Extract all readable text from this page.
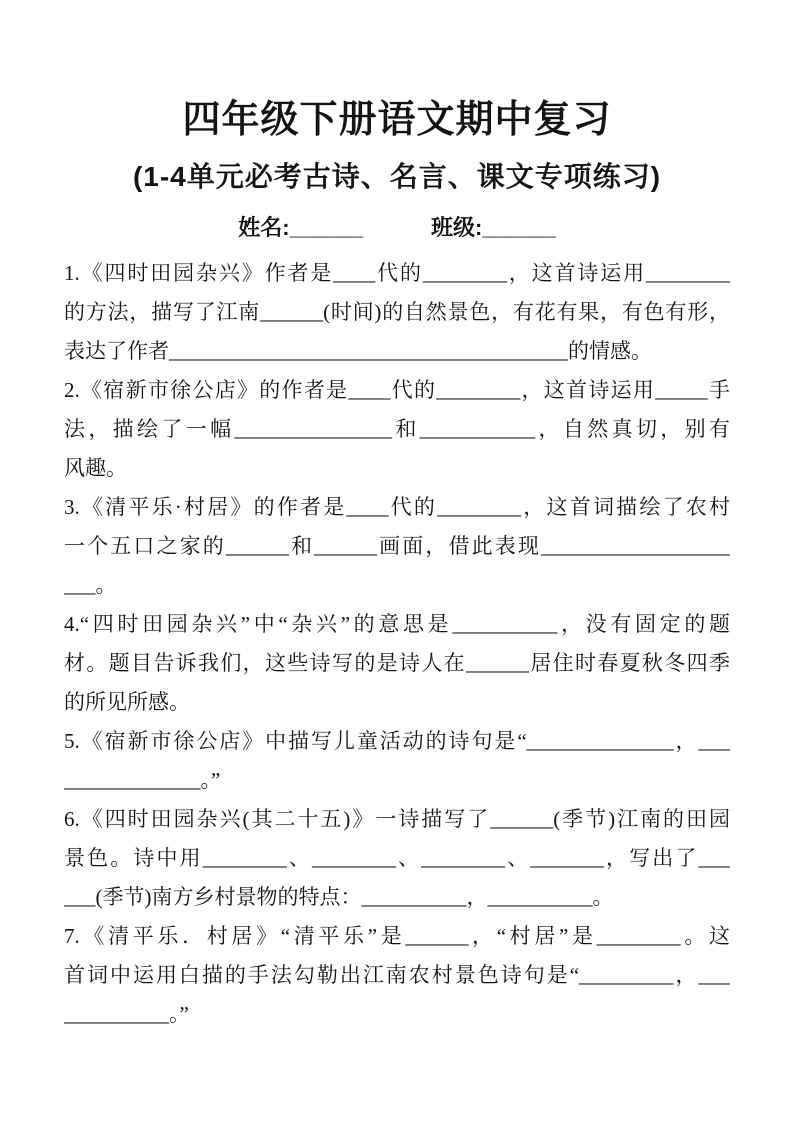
四年级下册语文期中复习
(1-4单元必考古诗、名言、课文专项练习)
姓名:______	班级:______
1.《四时田园杂兴》作者是____代的________，这首诗运用________
的方法，描写了江南______(时间)的自然景色，有花有果，有色有形，
表达了作者______________________________________的情感。
2.《宿新市徐公店》的作者是____代的________，这首诗运用_____手
法，描绘了一幅_______________和___________，自然真切，别有
风趣。
3.《清平乐·村居》的作者是____代的________，这首词描绘了农村
一个五口之家的______和______画面，借此表现__________________
___。
4.“四时田园杂兴”中“杂兴”的意思是__________，没有固定的题
材。题目告诉我们，这些诗写的是诗人在______居住时春夏秋冬四季
的所见所感。
5.《宿新市徐公店》中描写儿童活动的诗句是“______________，___
_____________。”
6.《四时田园杂兴(其二十五)》一诗描写了______(季节)江南的田园
景色。诗中用________、________、________、_______，写出了___
___(季节)南方乡村景物的特点：__________，__________。
7.《清平乐．村居》“清平乐”是______，“村居”是________。这
首词中运用白描的手法勾勒出江南农村景色诗句是“_________，___
__________。”
